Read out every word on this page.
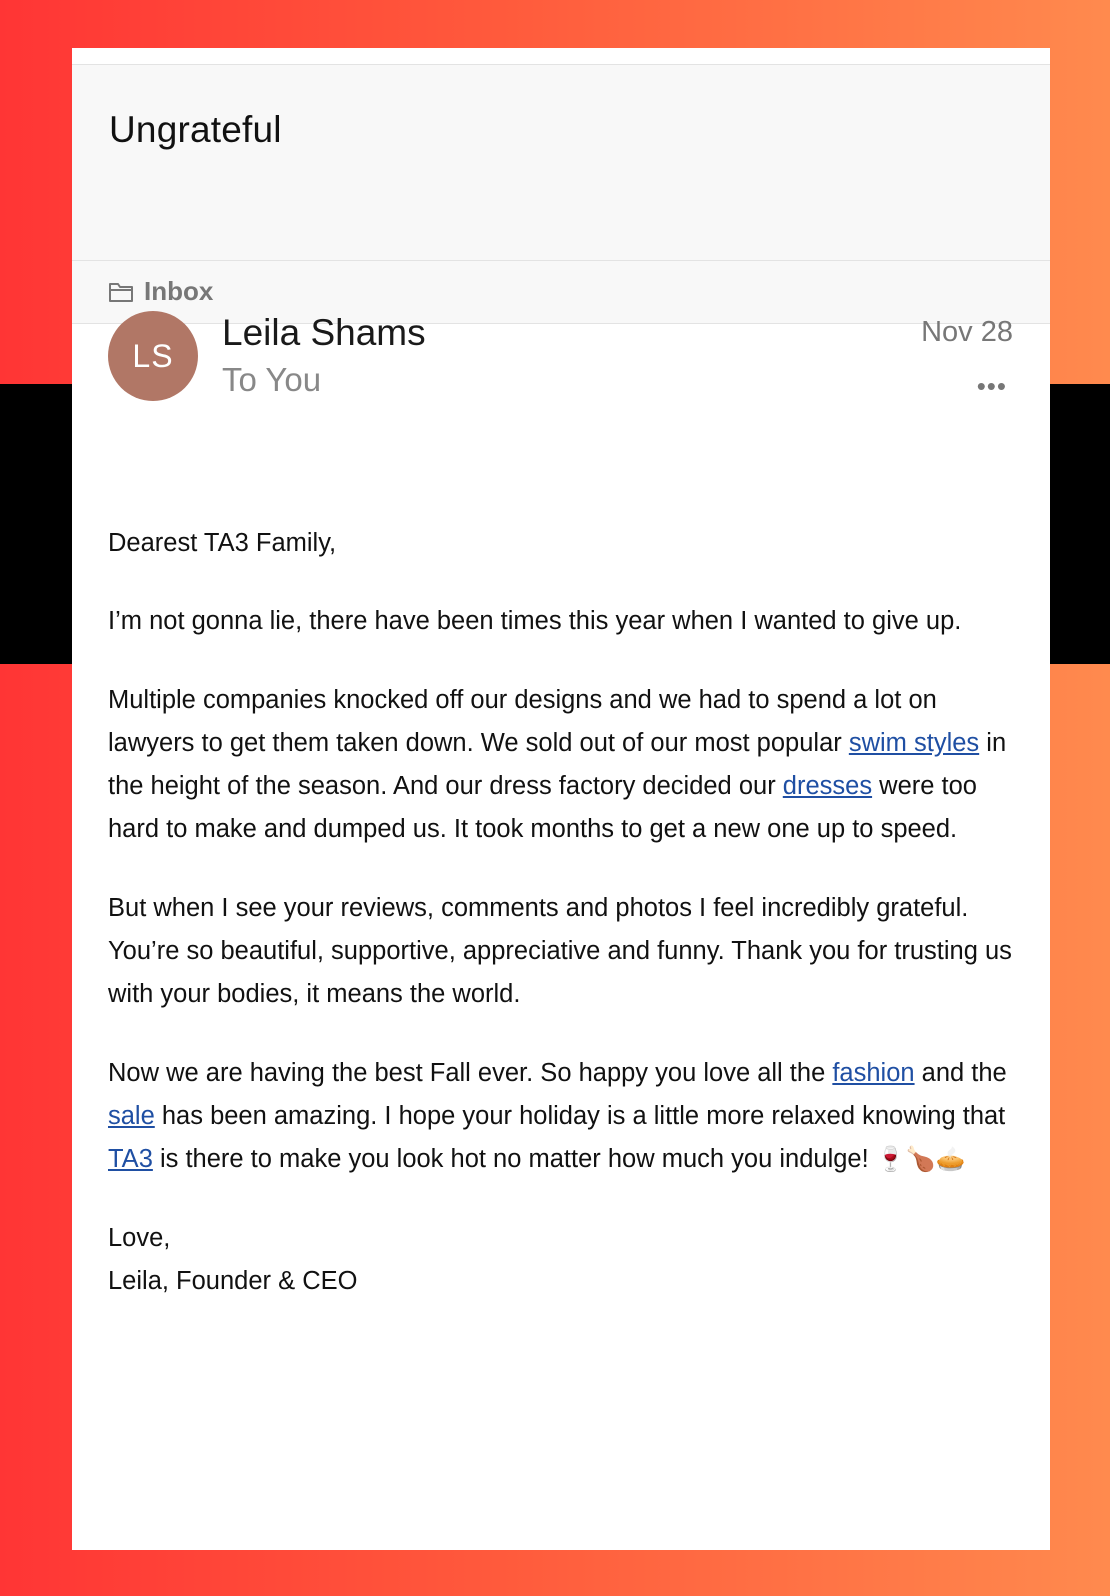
Ungrateful
Inbox
LS
Leila Shams
To You
Nov 28
•••

Dearest TA3 Family,

I’m not gonna lie, there have been times this year when I wanted to give up.

Multiple companies knocked off our designs and we had to spend a lot on lawyers to get them taken down. We sold out of our most popular swim styles in the height of the season. And our dress factory decided our dresses were too hard to make and dumped us. It took months to get a new one up to speed.

But when I see your reviews, comments and photos I feel incredibly grateful. You’re so beautiful, supportive, appreciative and funny. Thank you for trusting us with your bodies, it means the world.

Now we are having the best Fall ever. So happy you love all the fashion and the sale has been amazing. I hope your holiday is a little more relaxed knowing that TA3 is there to make you look hot no matter how much you indulge! 🍷🍗🥧

Love,
Leila, Founder & CEO
